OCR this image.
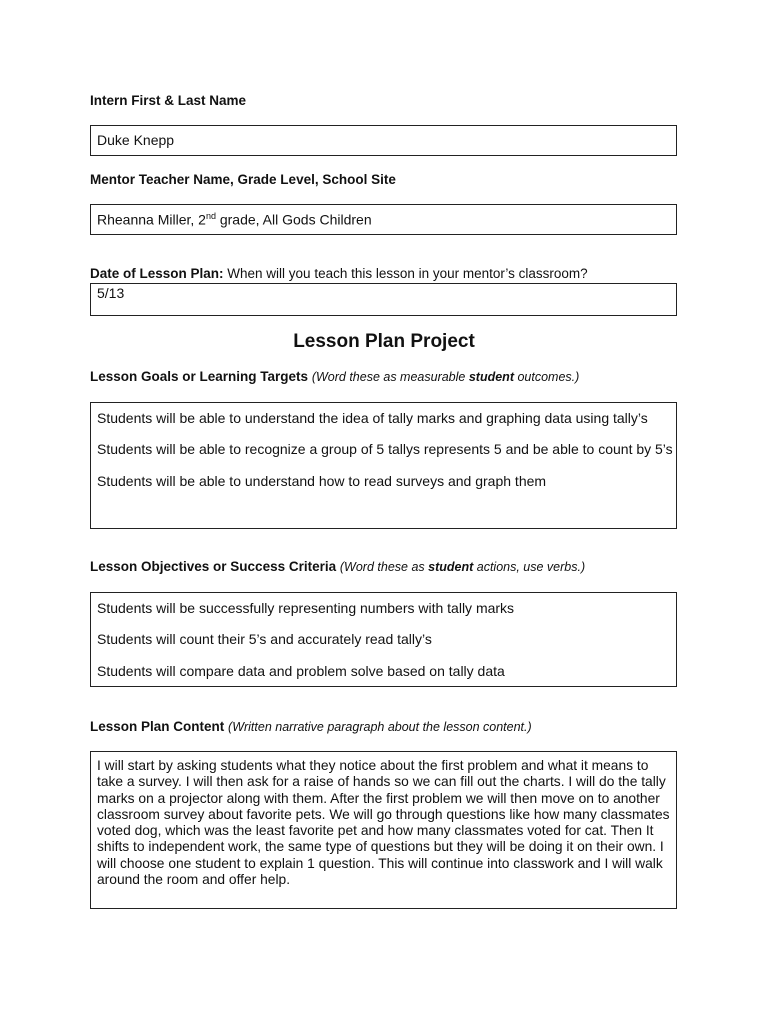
Intern First & Last Name
Duke Knepp
Mentor Teacher Name, Grade Level, School Site
Rheanna Miller, 2nd grade, All Gods Children
Date of Lesson Plan: When will you teach this lesson in your mentor’s classroom?
5/13
Lesson Plan Project
Lesson Goals or Learning Targets (Word these as measurable student outcomes.)
Students will be able to understand the idea of tally marks and graphing data using tally’s
Students will be able to recognize a group of 5 tallys represents 5 and be able to count by 5’s
Students will be able to understand how to read surveys and graph them
Lesson Objectives or Success Criteria (Word these as student actions, use verbs.)
Students will be successfully representing numbers with tally marks
Students will count their 5’s and accurately read tally’s
Students will compare data and problem solve based on tally data
Lesson Plan Content (Written narrative paragraph about the lesson content.)
I will start by asking students what they notice about the first problem and what it means to
take a survey. I will then ask for a raise of hands so we can fill out the charts. I will do the tally
marks on a projector along with them. After the first problem we will then move on to another
classroom survey about favorite pets. We will go through questions like how many classmates
voted dog, which was the least favorite pet and how many classmates voted for cat. Then It
shifts to independent work, the same type of questions but they will be doing it on their own. I
will choose one student to explain 1 question. This will continue into classwork and I will walk
around the room and offer help.
